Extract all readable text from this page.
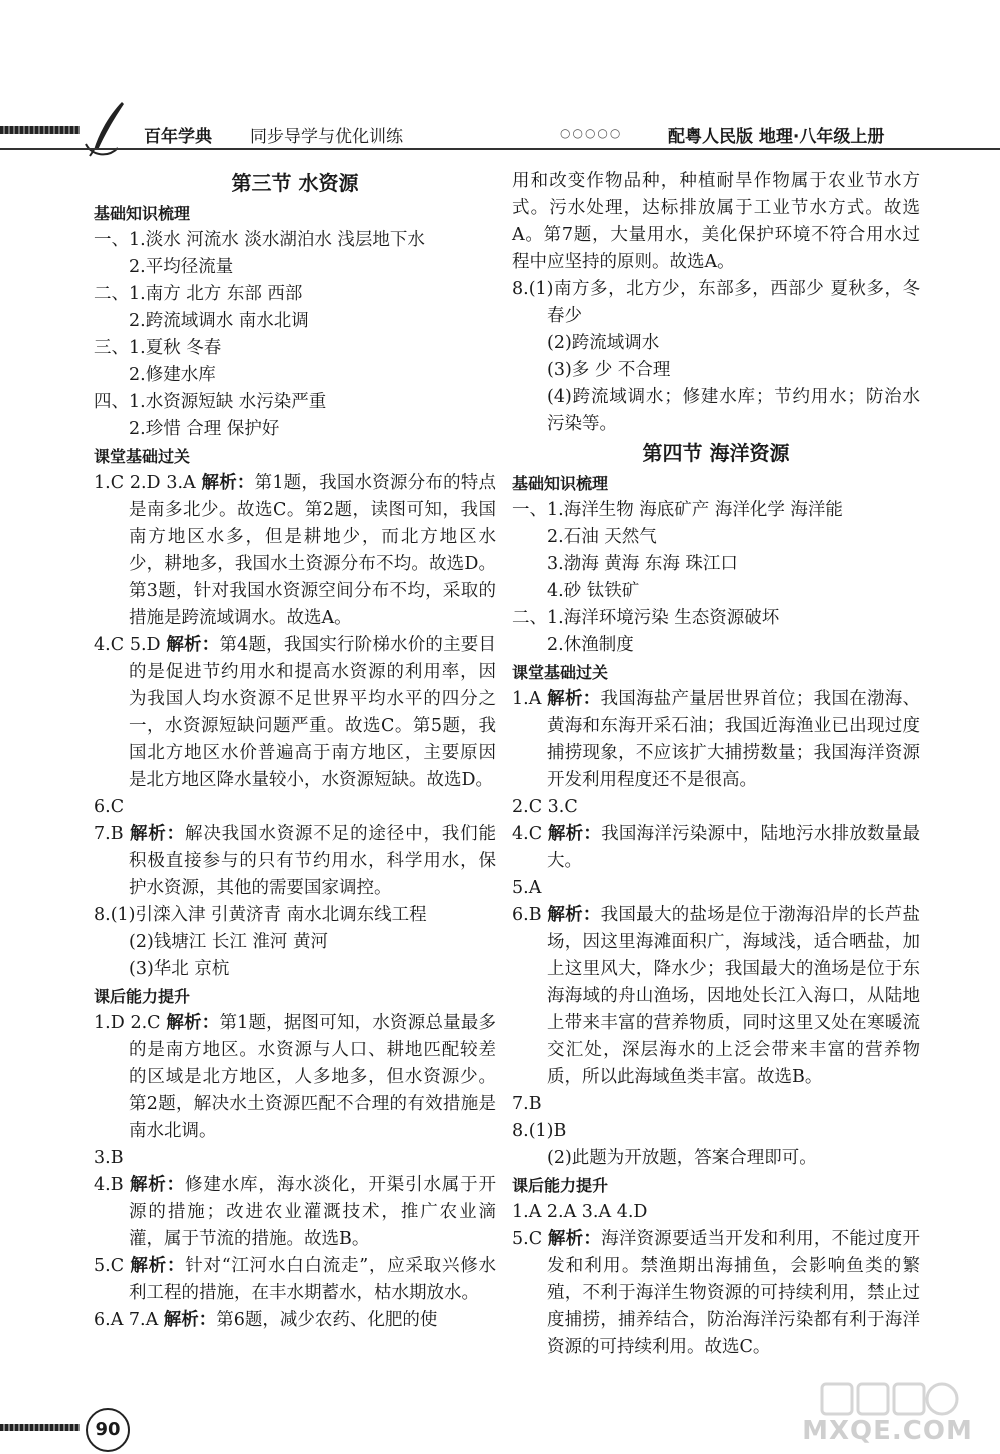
百年学典 同步导学与优化训练	○○○○○	配粤人民版 地理·八年级上册
第三节 水资源
基础知识梳理
一、1.淡水 河流水 淡水湖泊水 浅层地下水
2.平均径流量
二、1.南方 北方 东部 西部
2.跨流域调水 南水北调
三、1.夏秋 冬春
2.修建水库
四、1.水资源短缺 水污染严重
2.珍惜 合理 保护好
课堂基础过关
1.C 2.D 3.A 解析：第1题，我国水资源分布的特点是南多北少。故选C。第2题，读图可知，我国南方地区水多，但是耕地少，而北方地区水少，耕地多，我国水土资源分布不均。故选D。第3题，针对我国水资源空间分布不均，采取的措施是跨流域调水。故选A。
4.C 5.D 解析：第4题，我国实行阶梯水价的主要目的是促进节约用水和提高水资源的利用率，因为我国人均水资源不足世界平均水平的四分之一，水资源短缺问题严重。故选C。第5题，我国北方地区水价普遍高于南方地区，主要原因是北方地区降水量较小，水资源短缺。故选D。
6.C
7.B 解析：解决我国水资源不足的途径中，我们能积极直接参与的只有节约用水，科学用水，保护水资源，其他的需要国家调控。
8.(1)引滦入津 引黄济青 南水北调东线工程
(2)钱塘江 长江 淮河 黄河
(3)华北 京杭
课后能力提升
1.D 2.C 解析：第1题，据图可知，水资源总量最多的是南方地区。水资源与人口、耕地匹配较差的区域是北方地区，人多地多，但水资源少。第2题，解决水土资源匹配不合理的有效措施是南水北调。
3.B
4.B 解析：修建水库，海水淡化，开渠引水属于开源的措施；改进农业灌溉技术，推广农业滴灌，属于节流的措施。故选B。
5.C 解析：针对“江河水白白流走”，应采取兴修水利工程的措施，在丰水期蓄水，枯水期放水。
6.A 7.A 解析：第6题，减少农药、化肥的使
用和改变作物品种，种植耐旱作物属于农业节水方式。污水处理，达标排放属于工业节水方式。故选A。第7题，大量用水，美化保护环境不符合用水过程中应坚持的原则。故选A。
8.(1)南方多，北方少，东部多，西部少 夏秋多，冬春少
(2)跨流域调水
(3)多 少 不合理
(4)跨流域调水；修建水库；节约用水；防治水污染等。
第四节 海洋资源
基础知识梳理
一、1.海洋生物 海底矿产 海洋化学 海洋能
2.石油 天然气
3.渤海 黄海 东海 珠江口
4.砂 钛铁矿
二、1.海洋环境污染 生态资源破坏
2.休渔制度
课堂基础过关
1.A 解析：我国海盐产量居世界首位；我国在渤海、黄海和东海开采石油；我国近海渔业已出现过度捕捞现象，不应该扩大捕捞数量；我国海洋资源开发利用程度还不是很高。
2.C 3.C
4.C 解析：我国海洋污染源中，陆地污水排放数量最大。
5.A
6.B 解析：我国最大的盐场是位于渤海沿岸的长芦盐场，因这里海滩面积广，海域浅，适合晒盐，加上这里风大，降水少；我国最大的渔场是位于东海海域的舟山渔场，因地处长江入海口，从陆地上带来丰富的营养物质，同时这里又处在寒暖流交汇处，深层海水的上泛会带来丰富的营养物质，所以此海域鱼类丰富。故选B。
7.B
8.(1)B
(2)此题为开放题，答案合理即可。
课后能力提升
1.A 2.A 3.A 4.D
5.C 解析：海洋资源要适当开发和利用，不能过度开发和利用。禁渔期出海捕鱼，会影响鱼类的繁殖，不利于海洋生物资源的可持续利用，禁止过度捕捞，捕养结合，防治海洋污染都有利于海洋资源的可持续利用。故选C。
90	MXQE.COM
